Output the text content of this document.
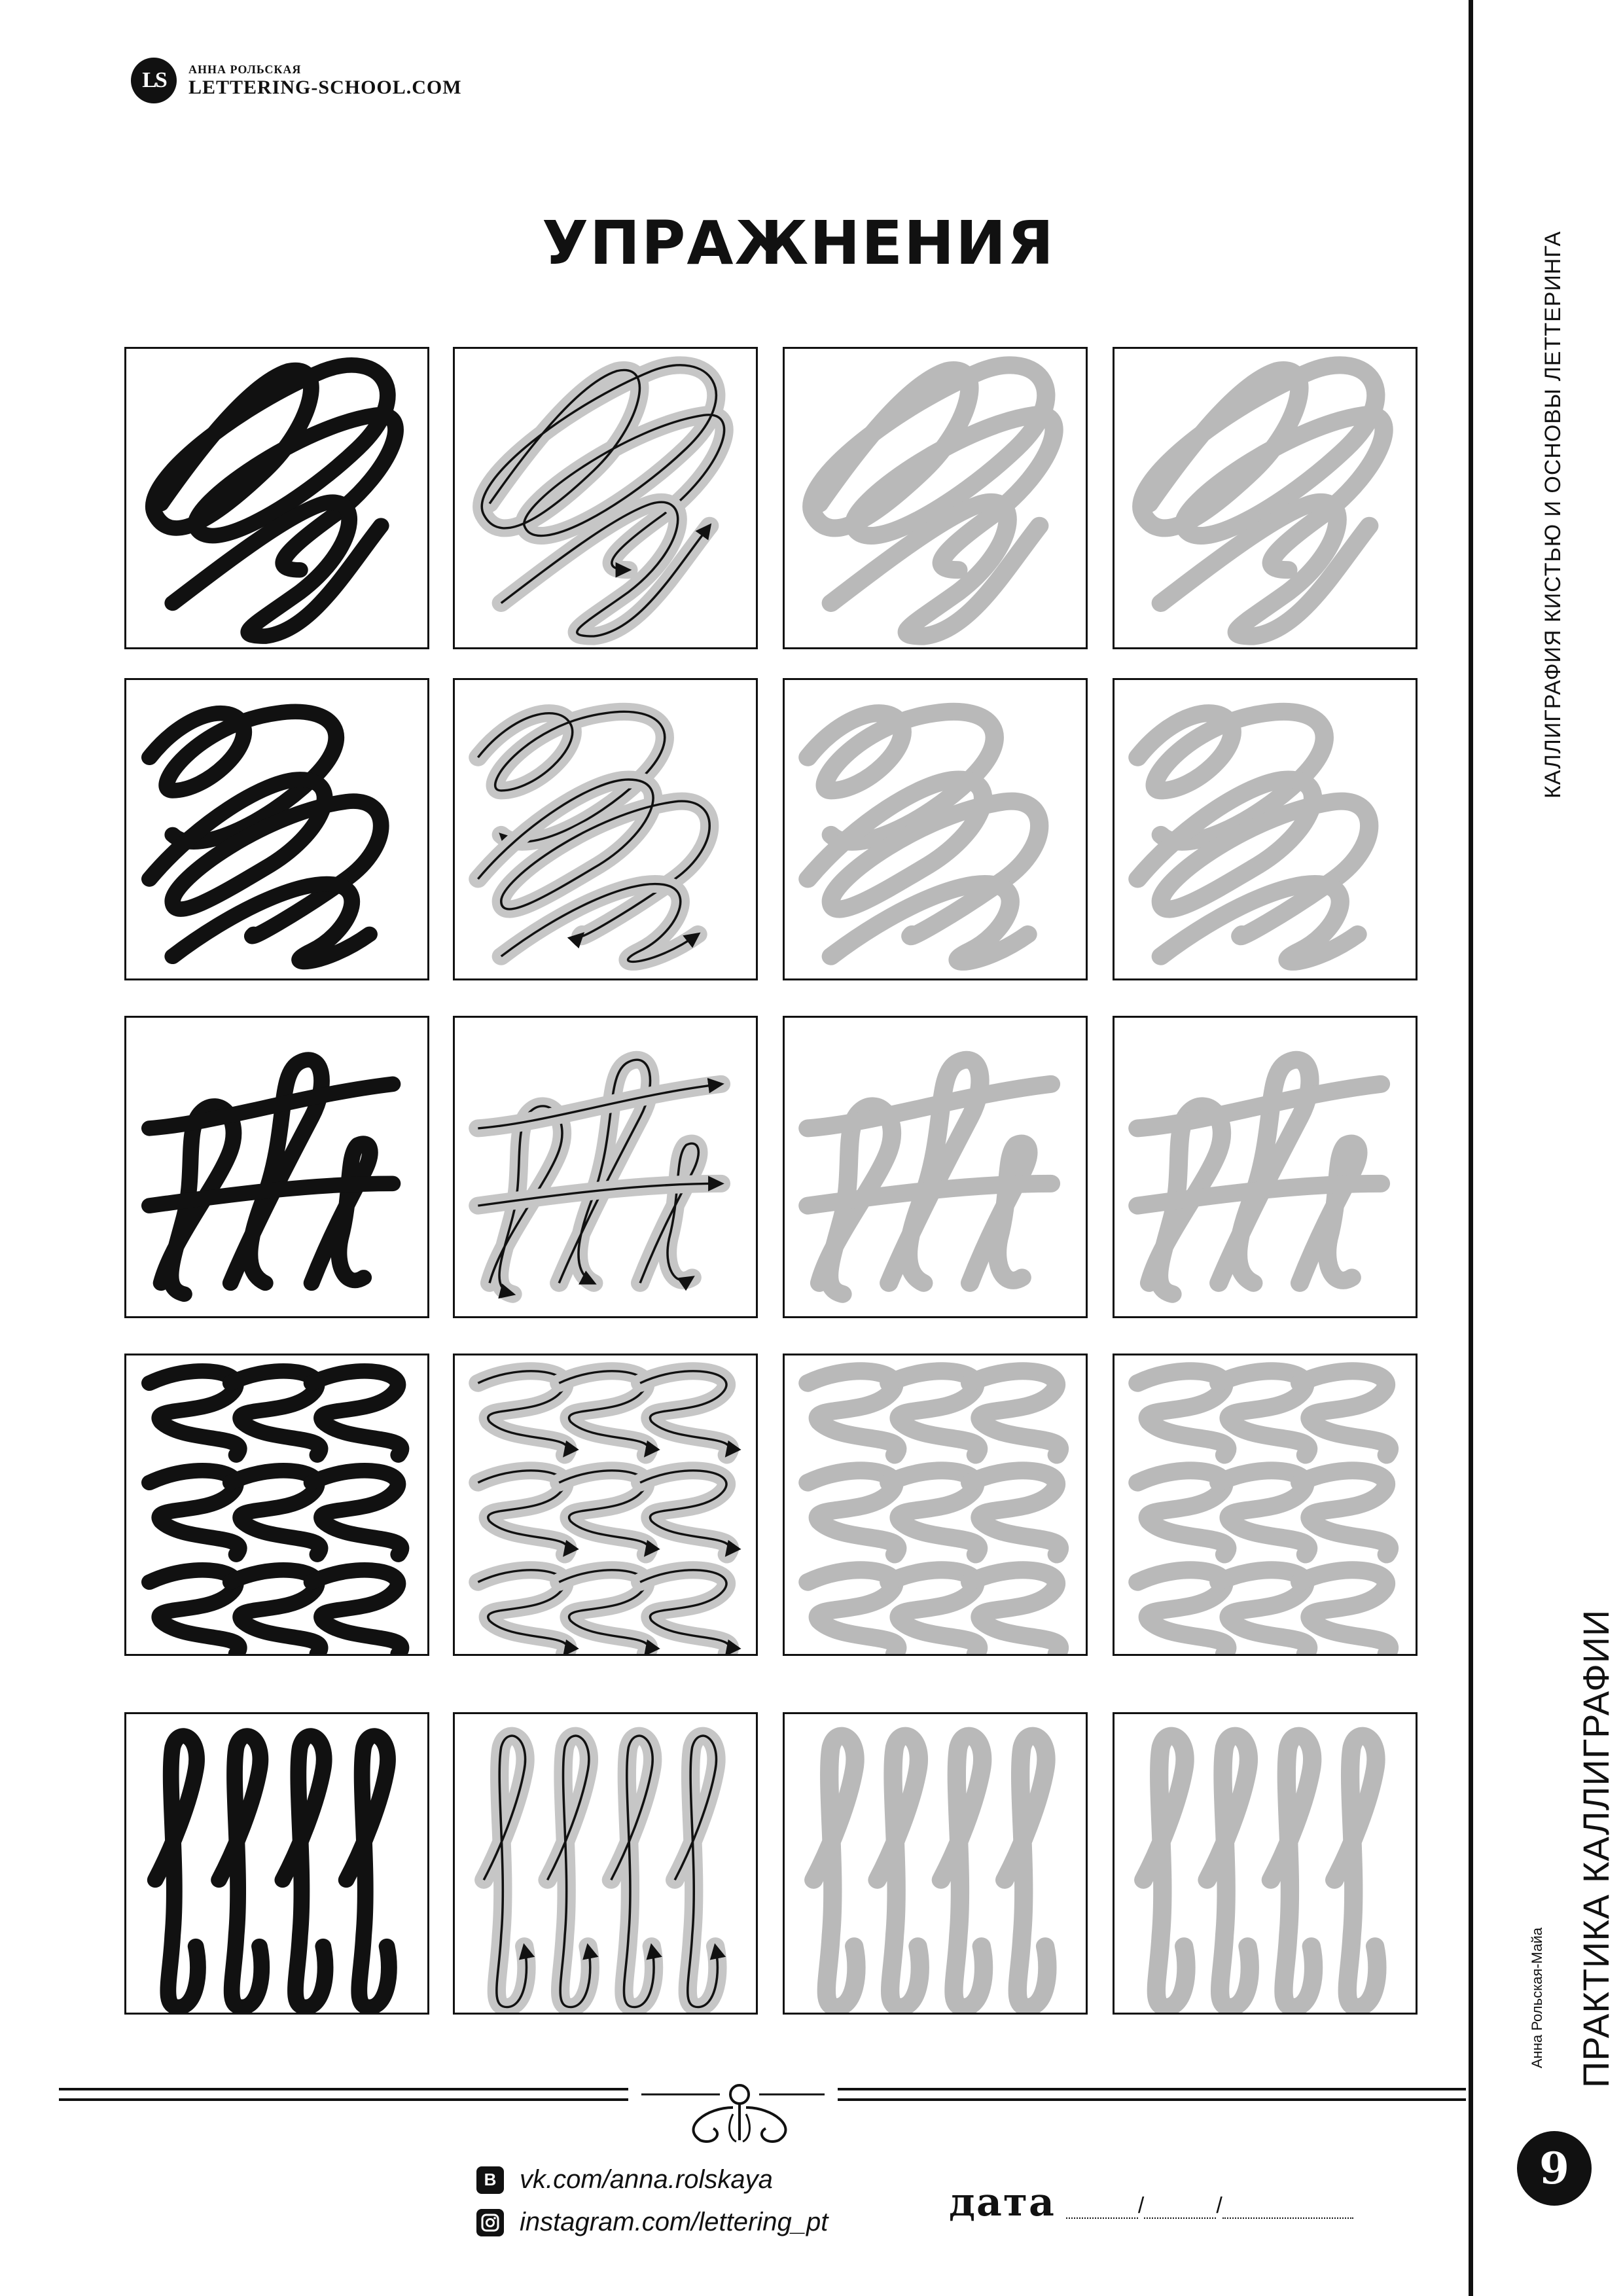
LS	АННА РОЛЬСКАЯ
LETTERING-SCHOOL.COM
УПРАЖНЕНИЯ	КАЛЛИГРАФИЯ КИСТЬЮ И ОСНОВЫ ЛЕТТЕРИНГА
Анна Рольская-Майа ПРАКТИКА КАЛЛИГРАФИИ
9
B vk.com/anna.rolskaya
instagram.com/lettering_pt	дата	/	/
